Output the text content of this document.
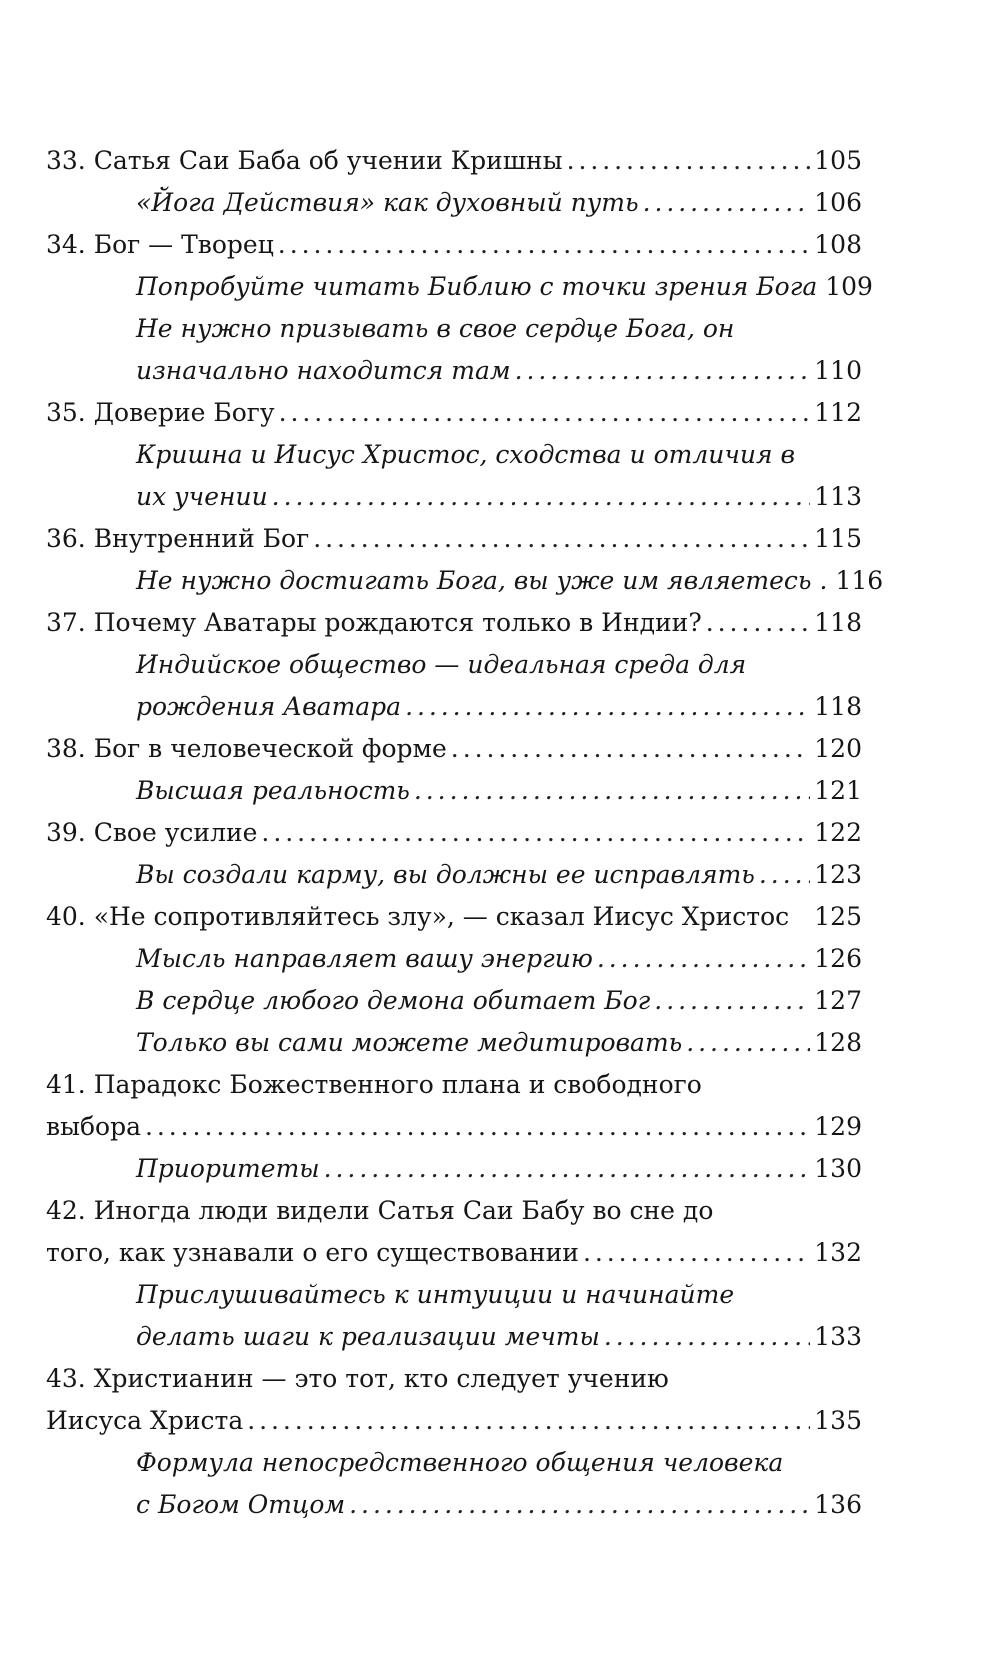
33. Сатья Саи Баба об учении Кришны . . .	105
«Йога Действия» как духовный путь . . .	106
34. Бог — Творец . . .	108
Попробуйте читать Библию с точки зрения Бога 109
Не нужно призывать в свое сердце Бога, он
изначально находится там . . .	110
35. Доверие Богу . . .	112
Кришна и Иисус Христос, сходства и отличия в
их учении . . .	113
36. Внутренний Бог . . .	115
Не нужно достигать Бога, вы уже им являетесь . 116
37. Почему Аватары рождаются только в Индии? . . .	118
Индийское общество — идеальная среда для
рождения Аватара . . .	118
38. Бог в человеческой форме . . .	120
Высшая реальность . . .	121
39. Свое усилие . . .	122
Вы создали карму, вы должны ее исправлять . . . 123
40. «Не сопротивляйтесь злу», — сказал Иисус Христос	125
Мысль направляет вашу энергию . . .	126
В сердце любого демона обитает Бог . . .	127
Только вы сами можете медитировать . . .	128
41. Парадокс Божественного плана и свободного
выбора . . .	129
Приоритеты . . .	130
42. Иногда люди видели Сатья Саи Бабу во сне до
того, как узнавали о его существовании . . .	132
Прислушивайтесь к интуиции и начинайте
делать шаги к реализации мечты . . .	133
43. Христианин — это тот, кто следует учению
Иисуса Христа . . .	135
Формула непосредственного общения человека
с Богом Отцом . . .	136
